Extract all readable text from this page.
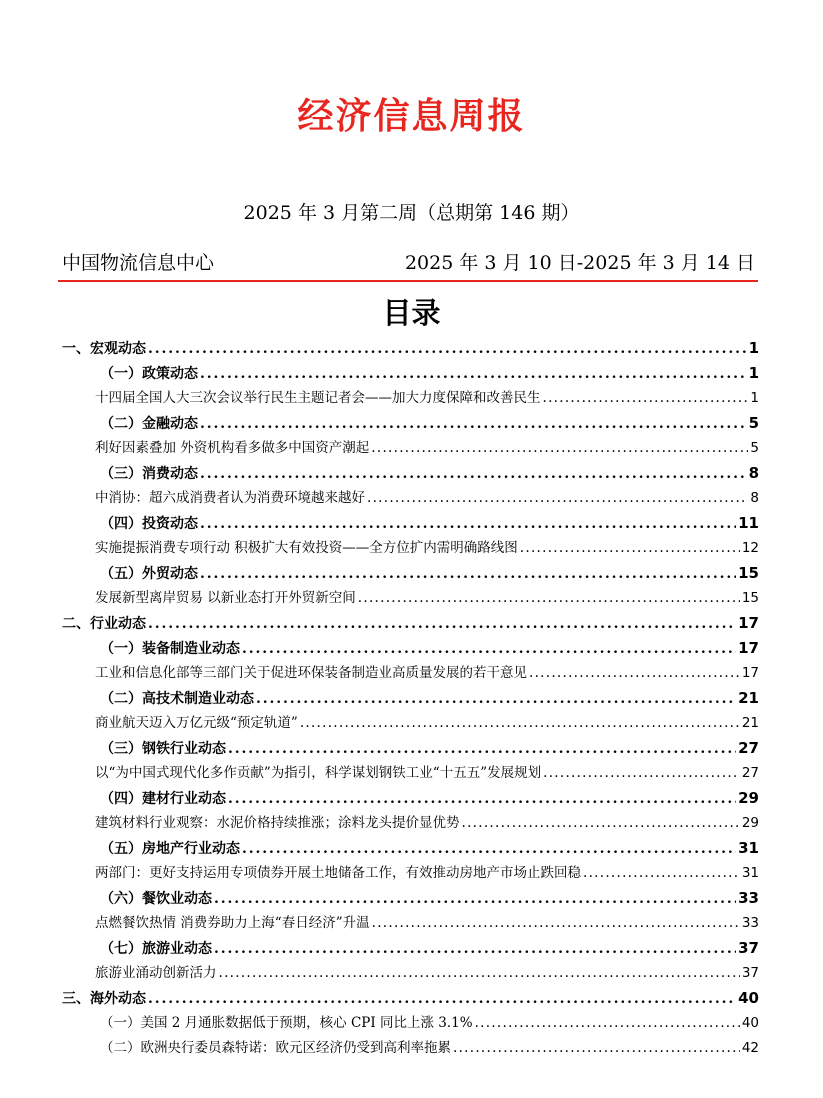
经济信息周报
2025 年 3 月第二周（总期第 146 期）
中国物流信息中心	2025 年 3 月 10 日-2025 年 3 月 14 日
目录
一、宏观动态 . . .	1
（一）政策动态 . . .	1
十四届全国人大三次会议举行民生主题记者会——加大力度保障和改善民生 . . .	1
（二）金融动态 . . .	5
利好因素叠加 外资机构看多做多中国资产潮起 . . .	5
（三）消费动态 . . .	8
中消协：超六成消费者认为消费环境越来越好 . . .	8
（四）投资动态 . . .	11
实施提振消费专项行动 积极扩大有效投资——全方位扩内需明确路线图 . . .	12
（五）外贸动态 . . .	15
发展新型离岸贸易 以新业态打开外贸新空间 . . .	15
二、行业动态 . . .	17
（一）装备制造业动态 . . .	17
工业和信息化部等三部门关于促进环保装备制造业高质量发展的若干意见 . . .	17
（二）高技术制造业动态 . . .	21
商业航天迈入万亿元级“预定轨道” . . .	21
（三）钢铁行业动态 . . .	27
以“为中国式现代化多作贡献”为指引，科学谋划钢铁工业“十五五”发展规划 . . .	27
（四）建材行业动态 . . .	29
建筑材料行业观察：水泥价格持续推涨；涂料龙头提价显优势 . . .	29
（五）房地产行业动态 . . .	31
两部门：更好支持运用专项债券开展土地储备工作，有效推动房地产市场止跌回稳 . . .	31
（六）餐饮业动态 . . .	33
点燃餐饮热情 消费券助力上海“春日经济”升温 . . .	33
（七）旅游业动态 . . .	37
旅游业涌动创新活力 . . .	37
三、海外动态 . . .	40
（一）美国 2 月通胀数据低于预期，核心 CPI 同比上涨 3.1% . . .	40
（二）欧洲央行委员森特诺：欧元区经济仍受到高利率拖累 . . .	42
